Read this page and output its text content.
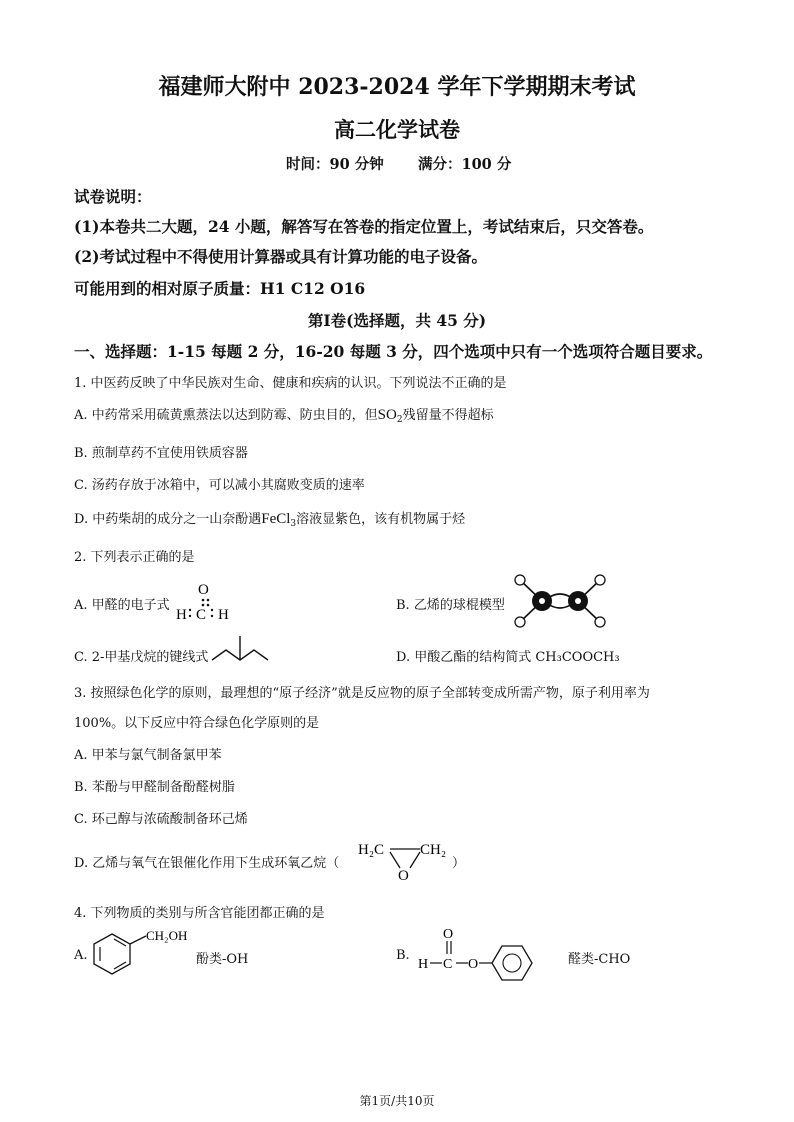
福建师大附中 2023-2024 学年下学期期末考试
高二化学试卷
时间：90 分钟 满分：100 分
试卷说明：
(1)本卷共二大题，24 小题，解答写在答卷的指定位置上，考试结束后，只交答卷。
(2)考试过程中不得使用计算器或具有计算功能的电子设备。
可能用到的相对原子质量：H1 C12 O16
第Ⅰ卷(选择题，共 45 分)
一、选择题：1-15 每题 2 分，16-20 每题 3 分，四个选项中只有一个选项符合题目要求。
1. 中医药反映了中华民族对生命、健康和疾病的认识。下列说法不正确的是
A. 中药常采用硫黄熏蒸法以达到防霉、防虫目的，但$SO_2$残留量不得超标
B. 煎制草药不宜使用铁质容器
C. 汤药存放于冰箱中，可以减小其腐败变质的速率
D. 中药柴胡的成分之一山奈酚遇FeCl$_3$溶液显紫色，该有机物属于烃
2. 下列表示正确的是
A. 甲醛的电子式
O
H C H
B. 乙烯的球棍模型
C. 2-甲基戊烷的键线式	D. 甲酸乙酯的结构简式 CH₃COOCH₃
3. 按照绿色化学的原则，最理想的“原子经济”就是反应物的原子全部转变成所需产物，原子利用率为
100%。以下反应中符合绿色化学原则的是
A. 甲苯与氯气制备氯甲苯
B. 苯酚与甲醛制备酚醛树脂
C. 环己醇与浓硫酸制备环己烯
D. 乙烯与氧气在银催化作用下生成环氧乙烷（
H₂C CH₂
O
）
4. 下列物质的类别与所含官能团都正确的是
A.
CH₂OH
酚类-OH	B.
H C
O
O	醛类-CHO
第1页/共10页
